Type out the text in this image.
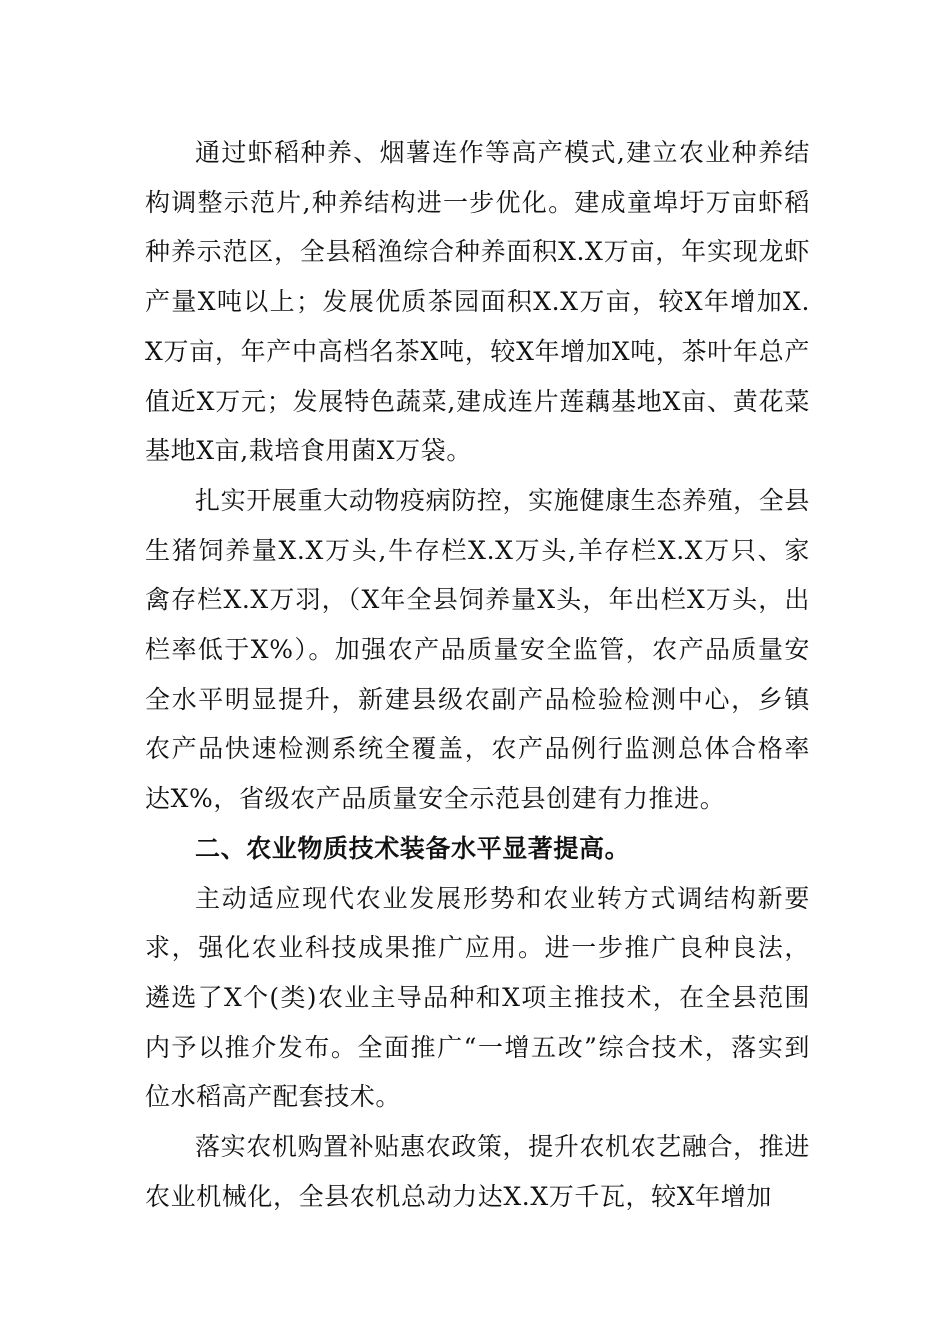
通过虾稻种养、烟薯连作等高产模式,建立农业种养结构调整示范片,种养结构进一步优化。建成童埠圩万亩虾稻种养示范区，全县稻渔综合种养面积X.X万亩，年实现龙虾产量X吨以上；发展优质茶园面积X.X万亩，较X年增加X.X万亩，年产中高档名茶X吨，较X年增加X吨，茶叶年总产值近X万元；发展特色蔬菜,建成连片莲藕基地X亩、黄花菜基地X亩,栽培食用菌X万袋。

扎实开展重大动物疫病防控，实施健康生态养殖，全县生猪饲养量X.X万头,牛存栏X.X万头,羊存栏X.X万只、家禽存栏X.X万羽，（X年全县饲养量X头，年出栏X万头，出栏率低于X%）。加强农产品质量安全监管，农产品质量安全水平明显提升，新建县级农副产品检验检测中心，乡镇农产品快速检测系统全覆盖，农产品例行监测总体合格率达X%，省级农产品质量安全示范县创建有力推进。

二、农业物质技术装备水平显著提高。

主动适应现代农业发展形势和农业转方式调结构新要求，强化农业科技成果推广应用。进一步推广良种良法，遴选了X个(类)农业主导品种和X项主推技术，在全县范围内予以推介发布。全面推广“一增五改”综合技术，落实到位水稻高产配套技术。

落实农机购置补贴惠农政策，提升农机农艺融合，推进农业机械化，全县农机总动力达X.X万千瓦，较X年增加
